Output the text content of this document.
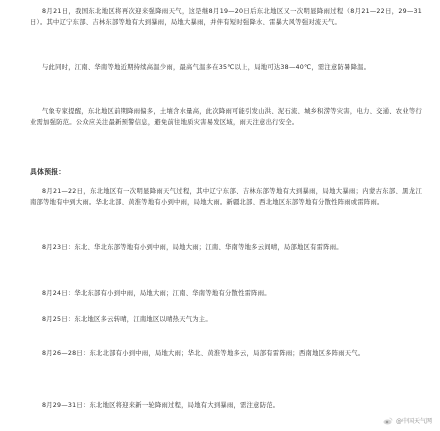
8月21日，我国东北地区将再次迎来强降雨天气，这是继8月19—20日后东北地区又一次明显降雨过程（8月21—22日，29—31日）。其中辽宁东部、吉林东部等地有大到暴雨，局地大暴雨，并伴有短时强降水、雷暴大风等强对流天气。

与此同时，江南、华南等地近期持续高温少雨，最高气温多在35℃以上，局地可达38—40℃，需注意防暑降温。

气象专家提醒，东北地区前期降雨偏多，土壤含水量高，此次降雨可能引发山洪、泥石流、城乡积涝等灾害，电力、交通、农业等行业需加强防范。公众应关注最新预警信息，避免前往地质灾害易发区域，雨天注意出行安全。

具体预报：

8月21—22日，东北地区有一次明显降雨天气过程，其中辽宁东部、吉林东部等地有大到暴雨，局地大暴雨；内蒙古东部、黑龙江南部等地有中到大雨。华北北部、黄淮等地有小到中雨，局地大雨。新疆北部、西北地区东部等地有分散性阵雨或雷阵雨。

8月23日：东北、华北东部等地有小到中雨，局地大雨；江南、华南等地多云间晴，局部地区有雷阵雨。

8月24日：华北东部有小到中雨，局地大雨；江南、华南等地有分散性雷阵雨。

8月25日：东北地区多云转晴，江南地区以晴热天气为主。

8月26—28日：东北北部有小到中雨，局地大雨；华北、黄淮等地多云，局部有雷阵雨；西南地区多阵雨天气。

8月29—31日：东北地区将迎来新一轮降雨过程，局地有大到暴雨，需注意防范。

@中国天气网
